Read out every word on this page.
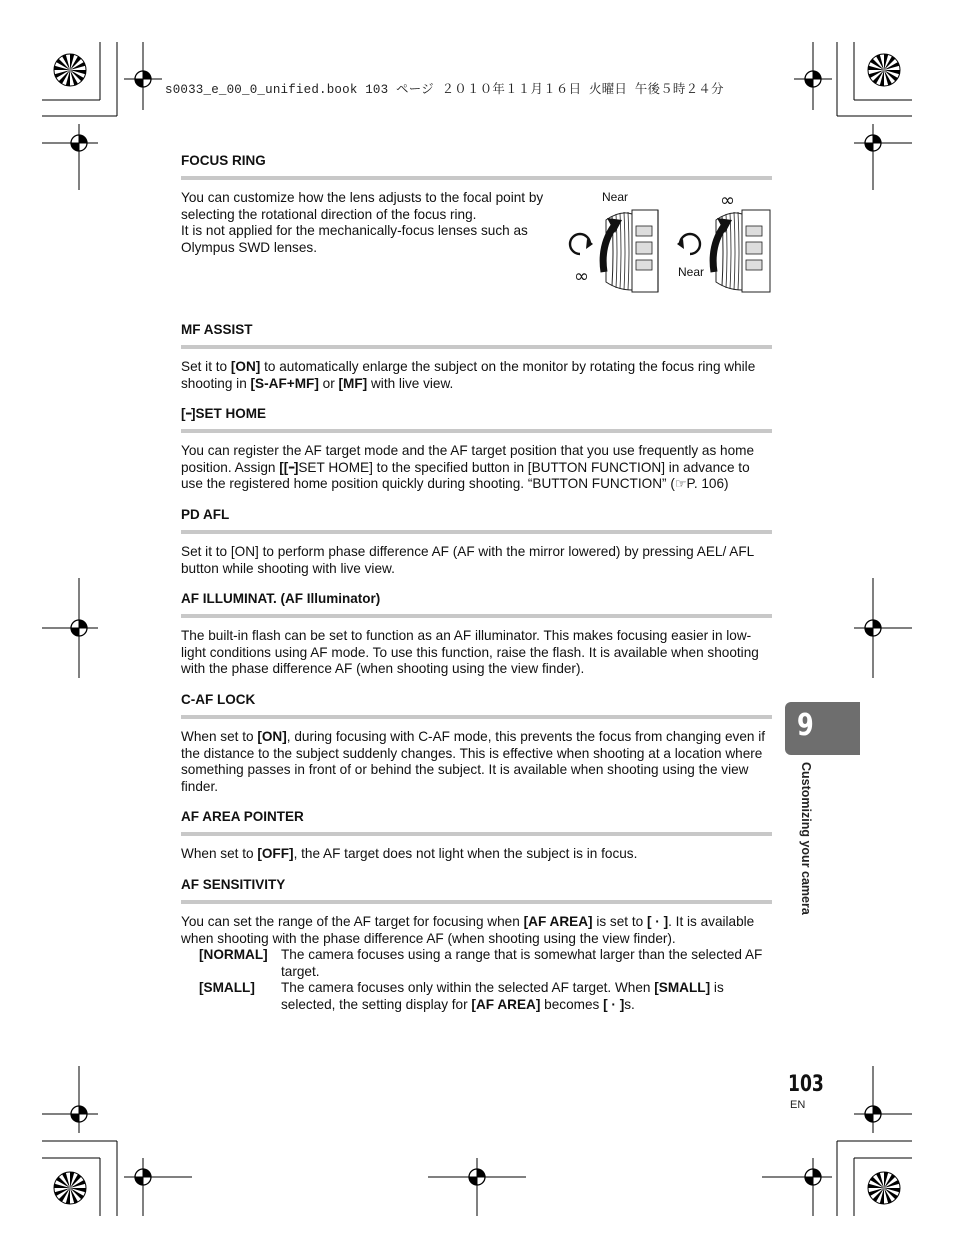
s0033_e_00_0_unified.book 103 ページ ２０１０年１１月１６日 火曜日 午後５時２４分
FOCUS RING

You can customize how the lens adjusts to the focal point by selecting the rotational direction of the focus ring.

It is not applied for the mechanically-focus lenses such as Olympus SWD lenses.

Near
∞
∞
Near
MF ASSIST

Set it to [ON] to automatically enlarge the subject on the monitor by rotating the focus ring while shooting in [S-AF+MF] or [MF] with live view.

[▪▪▪]SET HOME

You can register the AF target mode and the AF target position that you use frequently as home position. Assign [[▪▪▪]SET HOME] to the specified button in [BUTTON FUNCTION] in advance to use the registered home position quickly during shooting. “BUTTON FUNCTION” (☞P. 106)

PD AFL

Set it to [ON] to perform phase difference AF (AF with the mirror lowered) by pressing AEL/ AFL button while shooting with live view.

AF ILLUMINAT. (AF Illuminator)

The built-in flash can be set to function as an AF illuminator. This makes focusing easier in low-light conditions using AF mode. To use this function, raise the flash. It is available when shooting with the phase difference AF (when shooting using the view finder).

C-AF LOCK

When set to [ON], during focusing with C-AF mode, this prevents the focus from changing even if the distance to the subject suddenly changes. This is effective when shooting at a location where something passes in front of or behind the subject. It is available when shooting using the view finder.

AF AREA POINTER

When set to [OFF], the AF target does not light when the subject is in focus.

AF SENSITIVITY

You can set the range of the AF target for focusing when [AF AREA] is set to [ · ]. It is available when shooting with the phase difference AF (when shooting using the view finder).

[NORMAL] The camera focuses using a range that is somewhat larger than the selected AF target.
[SMALL]	The camera focuses only within the selected AF target. When [SMALL] is selected, the setting display for [AF AREA] becomes [ · ]s.
9
Customizing your camera
103
EN
